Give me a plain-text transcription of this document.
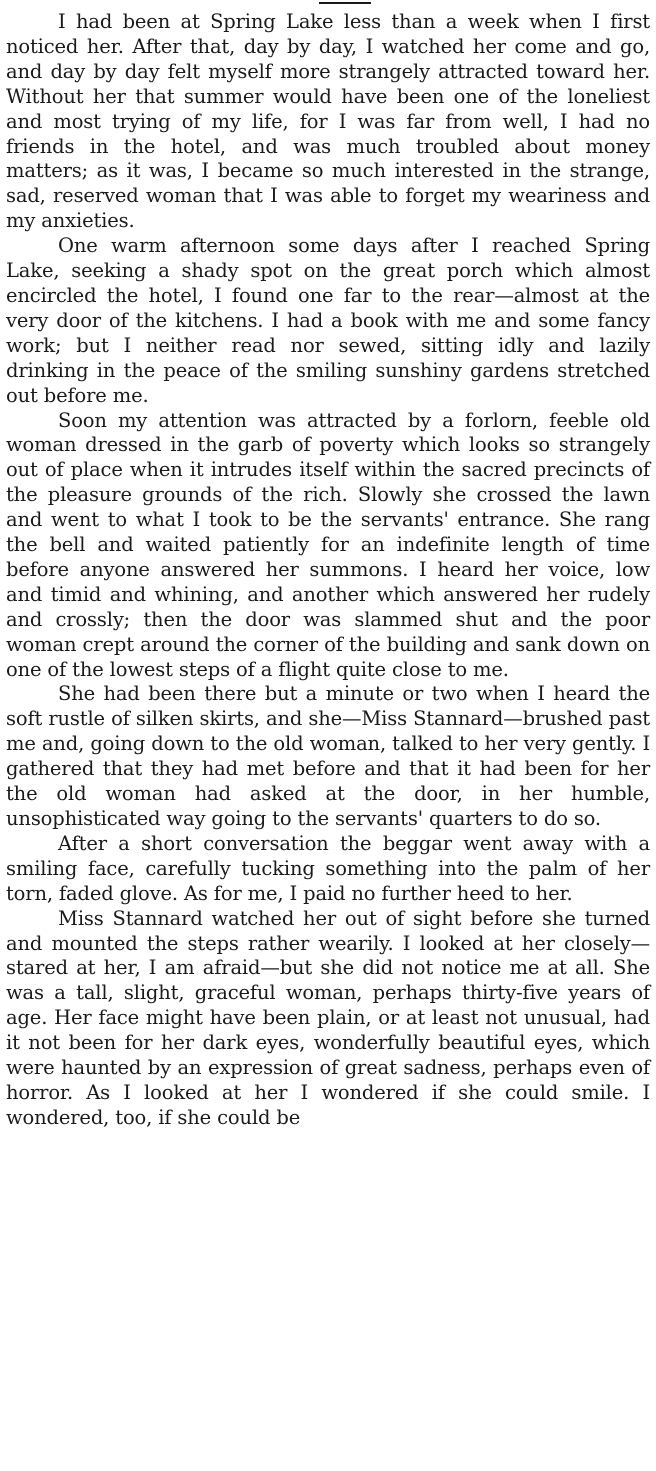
I had been at Spring Lake less than a week when I first noticed her. After that, day by day, I watched her come and go, and day by day felt myself more strangely attracted toward her. Without her that summer would have been one of the loneliest and most trying of my life, for I was far from well, I had no friends in the hotel, and was much troubled about money matters; as it was, I became so much interested in the strange, sad, reserved woman that I was able to forget my weariness and my anxieties.

One warm afternoon some days after I reached Spring Lake, seeking a shady spot on the great porch which almost encircled the hotel, I found one far to the rear—almost at the very door of the kitchens. I had a book with me and some fancy work; but I neither read nor sewed, sitting idly and lazily drinking in the peace of the smiling sunshiny gardens stretched out before me.

Soon my attention was attracted by a forlorn, feeble old woman dressed in the garb of poverty which looks so strangely out of place when it intrudes itself within the sacred precincts of the pleasure grounds of the rich. Slowly she crossed the lawn and went to what I took to be the servants' entrance. She rang the bell and waited patiently for an indefinite length of time before anyone answered her summons. I heard her voice, low and timid and whining, and another which answered her rudely and crossly; then the door was slammed shut and the poor woman crept around the corner of the building and sank down on one of the lowest steps of a flight quite close to me.

She had been there but a minute or two when I heard the soft rustle of silken skirts, and she—Miss Stannard—brushed past me and, going down to the old woman, talked to her very gently. I gathered that they had met before and that it had been for her the old woman had asked at the door, in her humble, unsophisticated way going to the servants' quarters to do so.

After a short conversation the beggar went away with a smiling face, carefully tucking something into the palm of her torn, faded glove. As for me, I paid no further heed to her.

Miss Stannard watched her out of sight before she turned and mounted the steps rather wearily. I looked at her closely—stared at her, I am afraid—but she did not notice me at all. She was a tall, slight, graceful woman, perhaps thirty-five years of age. Her face might have been plain, or at least not unusual, had it not been for her dark eyes, wonderfully beautiful eyes, which were haunted by an expression of great sadness, perhaps even of horror. As I looked at her I wondered if she could smile. I wondered, too, if she could be
